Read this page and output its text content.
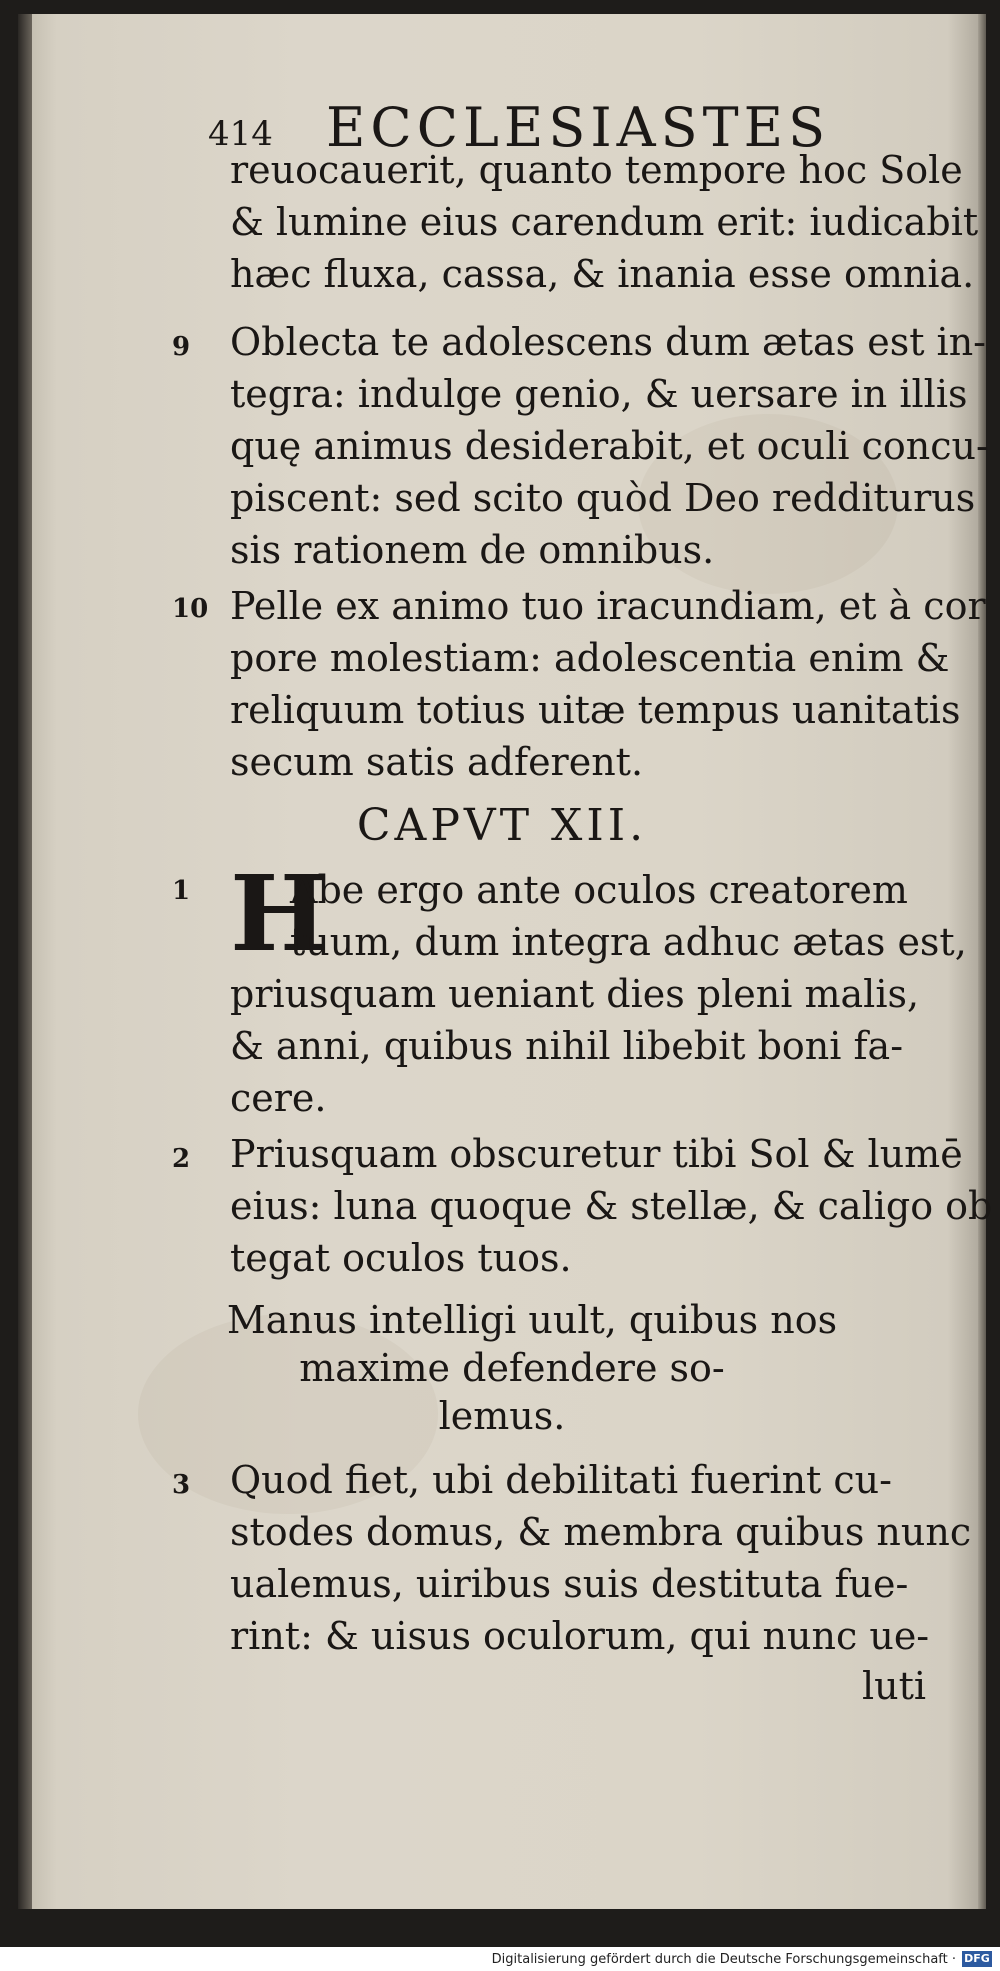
414 ECCLESIASTES
reuocauerit, quanto tempore hoc Sole
& lumine eius carendum erit: iudicabit
hæc fluxa, cassa, & inania esse omnia.
9 Oblecta te adolescens dum ætas est in-
tegra: indulge genio, & uersare in illis
quę animus desiderabit, et oculi concu-
piscent: sed scito quòd Deo redditurus
sis rationem de omnibus.
10 Pelle ex animo tuo iracundiam, et à cor
pore molestiam: adolescentia enim &
reliquum totius uitæ tempus uanitatis
secum satis adferent.
CAPVT XII.
1 H
Abe ergo ante oculos creatorem
tuum, dum integra adhuc ætas est,
priusquam ueniant dies pleni malis,
& anni, quibus nihil libebit boni fa-
cere.
2 Priusquam obscuretur tibi Sol & lumē
eius: luna quoque & stellæ, & caligo ob
tegat oculos tuos.
Manus intelligi uult, quibus nos
maxime defendere so-
lemus.
3 Quod fiet, ubi debilitati fuerint cu-
stodes domus, & membra quibus nunc
ualemus, uiribus suis destituta fue-
rint: & uisus oculorum, qui nunc ue-
luti
Digitalisierung gefördert durch die Deutsche Forschungsgemeinschaft · DFG
